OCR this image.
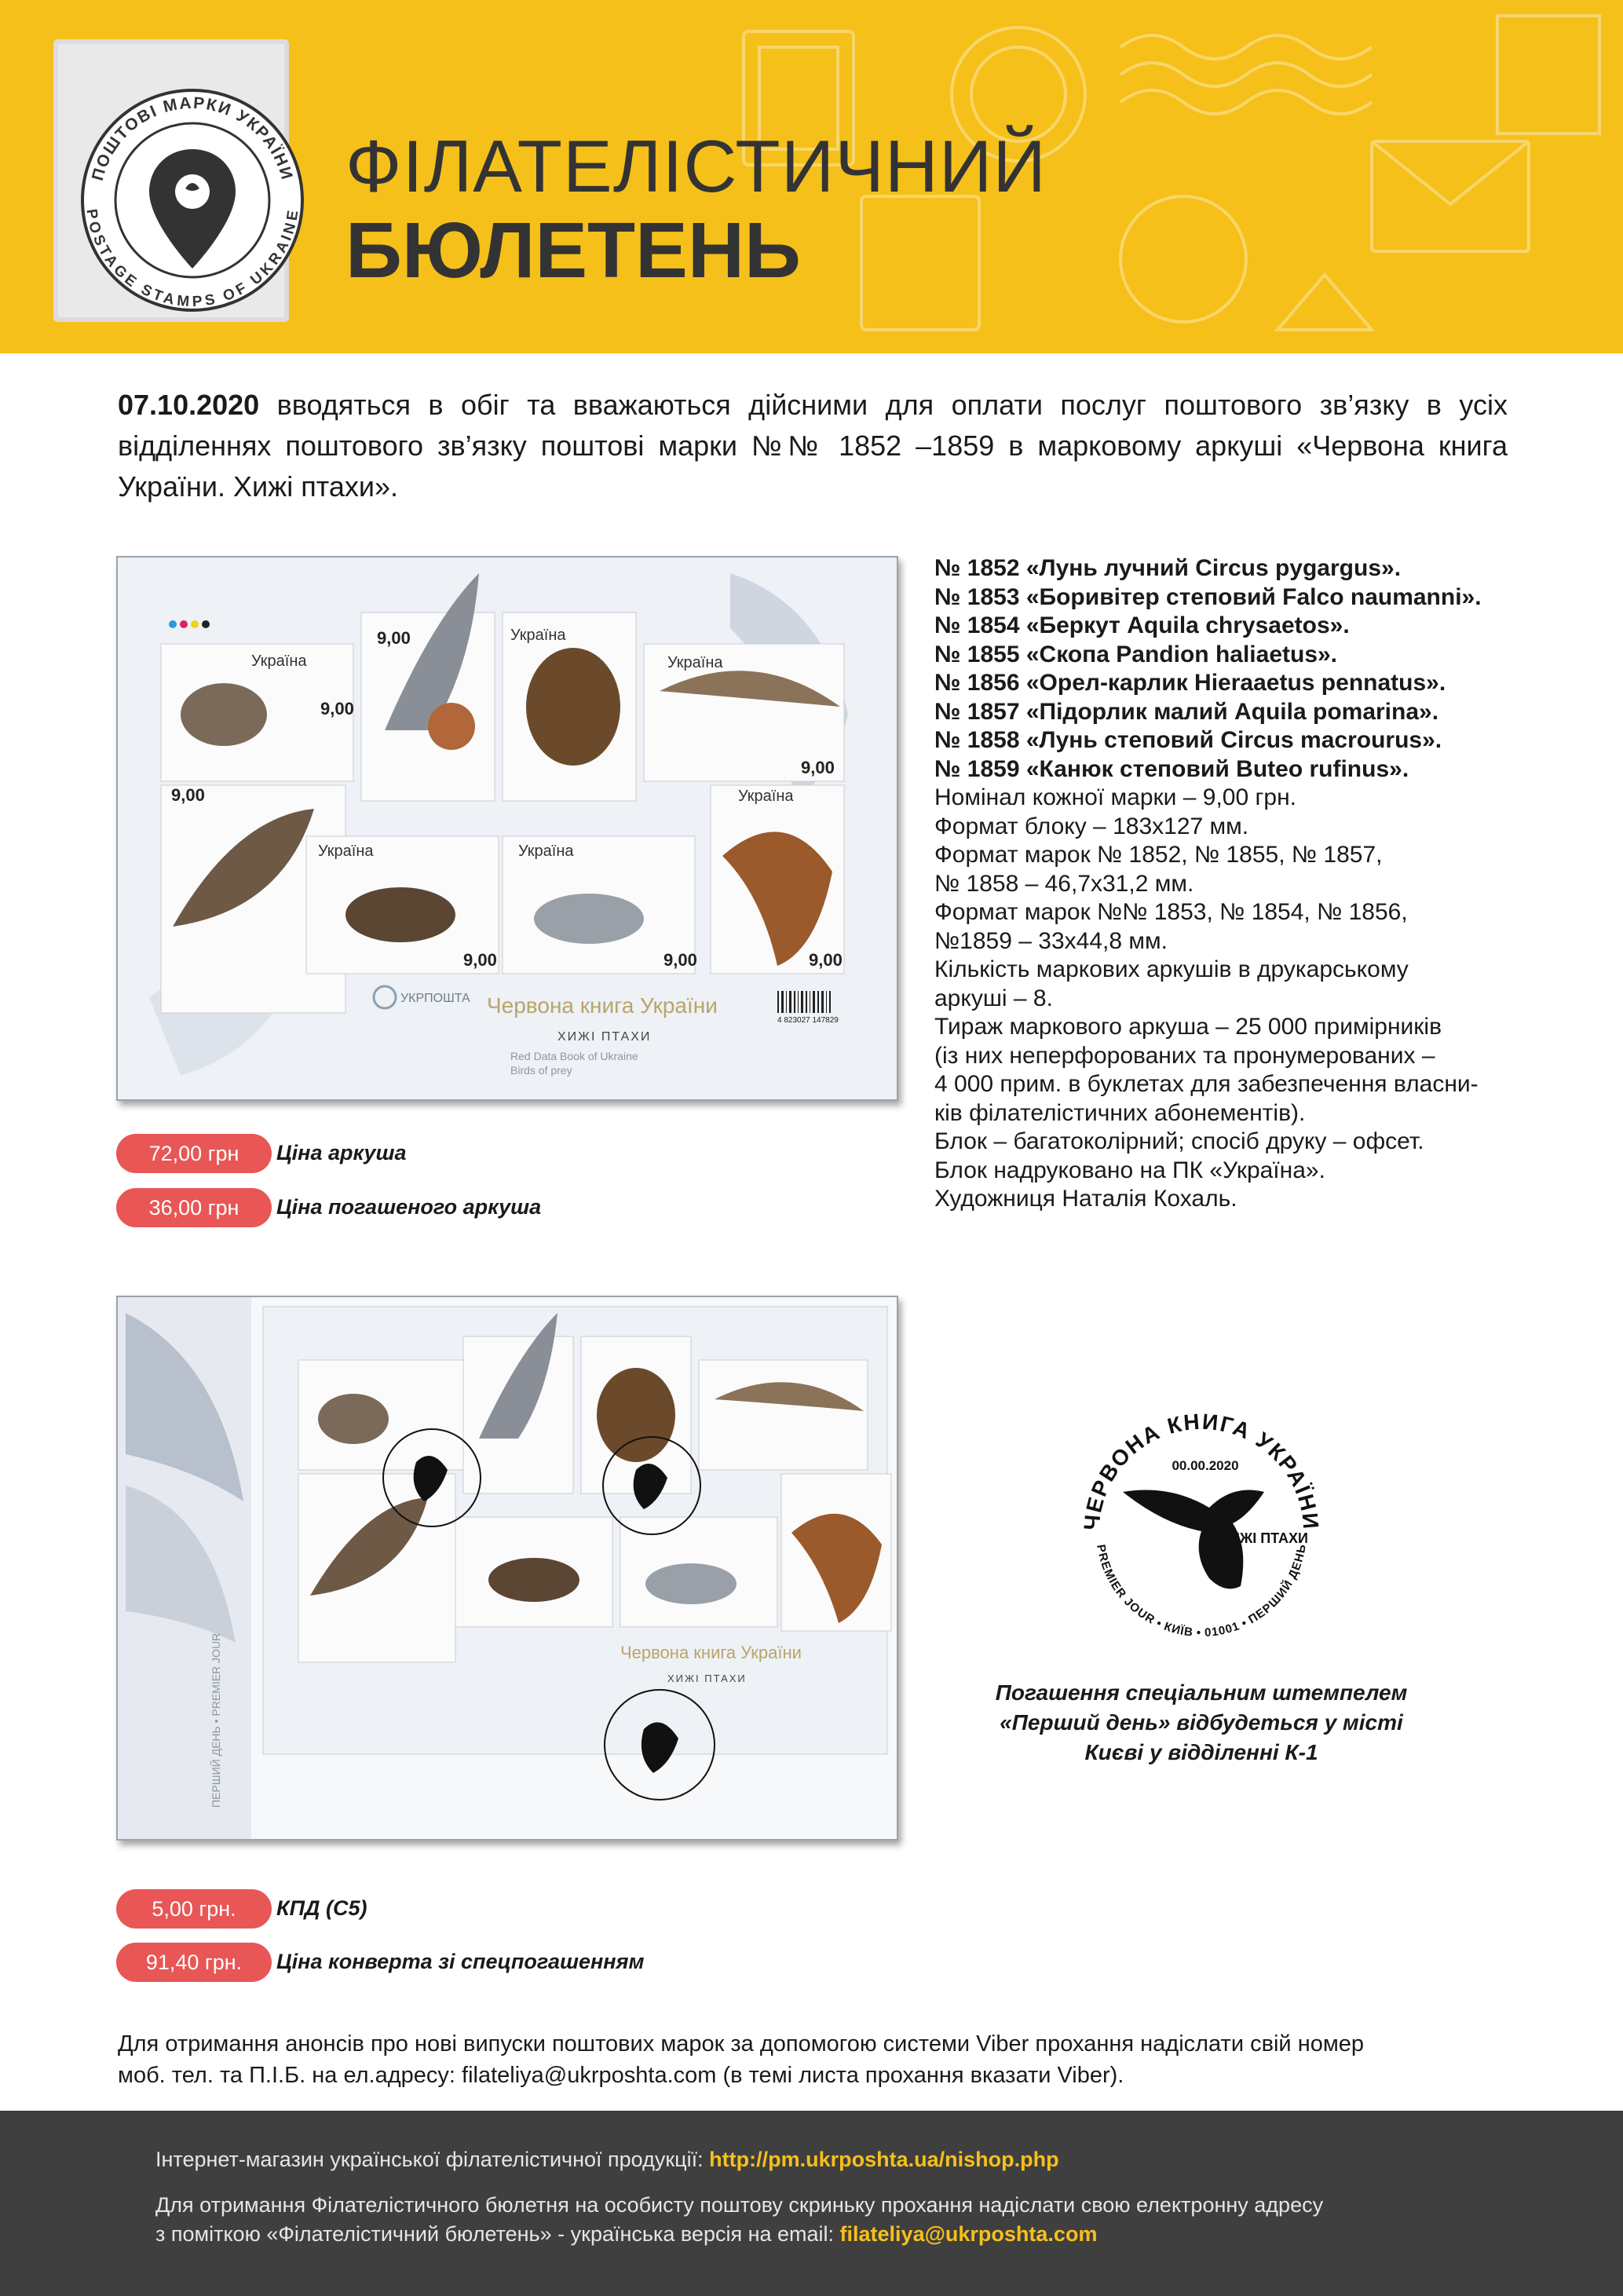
ПОШТОВІ МАРКИ УКРАЇНИ
POSTAGE STAMPS OF UKRAINE
ФІЛАТЕЛІСТИЧНИЙ
БЮЛЕТЕНЬ
07.10.2020 вводяться в обіг та вважаються дійсними для оплати послуг поштового зв’язку в усіх відділеннях поштового зв’язку поштові марки №№ 1852 –1859 в марковому аркуші «Червона книга України. Хижі птахи».
Україна
9,00
9,00	Україна
Україна
9,00
9,00
Україна	Україна
9,00	9,00
Україна
9,00
УКРПОШТА Червона книга України
ХИЖІ ПТАХИ
Red Data Book of Ukraine
Birds of prey
4 823027 147829
№ 1852 «Лунь лучний Circus pygargus».
№ 1853 «Боривітер степовий Falco naumanni».
№ 1854 «Беркут Aquila chrysaetos».
№ 1855 «Скопа Pandion haliaetus».
№ 1856 «Орел-карлик Hieraaetus pennatus».
№ 1857 «Підорлик малий Aquila pomarina».
№ 1858 «Лунь степовий Circus macrourus».
№ 1859 «Канюк степовий Buteo rufinus».
Номінал кожної марки – 9,00 грн.
Формат блоку – 183х127 мм.
Формат марок № 1852, № 1855, № 1857,
№ 1858 – 46,7х31,2 мм.
Формат марок №№ 1853, № 1854, № 1856,
№1859 – 33х44,8 мм.
Кількість маркових аркушів в друкарському
аркуші – 8.
Тираж маркового аркуша – 25 000 примірників
(із них неперфорованих та пронумерованих –
4 000 прим. в буклетах для забезпечення власни-
ків філателістичних абонементів).
Блок – багатоколірний; спосіб друку – офсет.
Блок надруковано на ПК «Україна».
Художниця Наталія Кохаль.
72,00 грн	Ціна аркуша
36,00 грн	Ціна погашеного аркуша
ПЕРШИЙ ДЕНЬ • PREMIER JOUR	Червона книга України
ХИЖІ ПТАХИ
ЧЕРВОНА КНИГА УКРАЇНИ
PREMIER JOUR • КИЇВ • 01001 • ПЕРШИЙ ДЕНЬ
00.00.2020
ХИЖІ ПТАХИ
Погашення спеціальним штемпелем
«Перший день» відбудеться у місті
Києві у відділенні К-1
5,00 грн.	КПД (С5)
91,40 грн.	Ціна конверта зі спецпогашенням
Для отримання анонсів про нові випуски поштових марок за допомогою системи Viber прохання надіслати свій номер
моб. тел. та П.І.Б. на ел.адресу: filateliya@ukrposhta.com (в темі листа прохання вказати Viber).
Інтернет-магазин української філателістичної продукції: http://pm.ukrposhta.ua/nishop.php
Для отримання Філателістичного бюлетня на особисту поштову скриньку прохання надіслати свою електронну адресу
з поміткою «Філателістичний бюлетень» - українська версія на email: filateliya@ukrposhta.com
